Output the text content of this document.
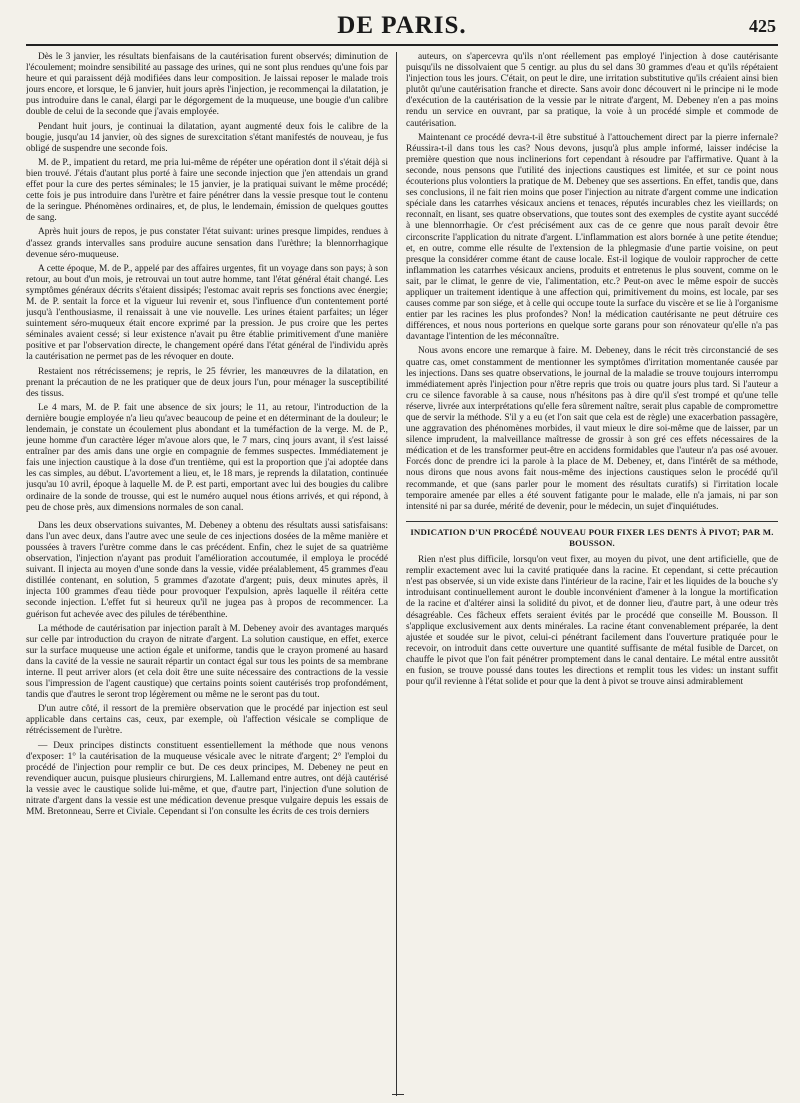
DE PARIS.	425

Dès le 3 janvier, les résultats bienfaisans de la cautérisation furent observés; diminution de l'écoulement; moindre sensibilité au passage des urines, qui ne sont plus rendues qu'une fois par heure et qui paraissent déjà modifiées dans leur composition. Je laissai reposer le malade trois jours encore, et lorsque, le 6 janvier, huit jours après l'injection, je recommençai la dilatation, je pus introduire dans le canal, élargi par le dégorgement de la muqueuse, une bougie d'un calibre double de celui de la seconde que j'avais employée.

Pendant huit jours, je continuai la dilatation, ayant augmenté deux fois le calibre de la bougie, jusqu'au 14 janvier, où des signes de surexcitation s'étant manifestés de nouveau, je fus obligé de suspendre une seconde fois.

M. de P., impatient du retard, me pria lui-même de répéter une opération dont il s'était déjà si bien trouvé. J'étais d'autant plus porté à faire une seconde injection que j'en attendais un grand effet pour la cure des pertes séminales; le 15 janvier, je la pratiquai suivant le même procédé; cette fois je pus introduire dans l'urètre et faire pénétrer dans la vessie presque tout le contenu de la seringue. Phénomènes ordinaires, et, de plus, le lendemain, émission de quelques gouttes de sang.

Après huit jours de repos, je pus constater l'état suivant: urines presque limpides, rendues à d'assez grands intervalles sans produire aucune sensation dans l'urèthre; la blennorrhagique devenue séro-muqueuse.

A cette époque, M. de P., appelé par des affaires urgentes, fit un voyage dans son pays; à son retour, au bout d'un mois, je retrouvai un tout autre homme, tant l'état général était changé. Les symptômes généraux décrits s'étaient dissipés; l'estomac avait repris ses fonctions avec énergie; M. de P. sentait la force et la vigueur lui revenir et, sous l'influence d'un contentement porté jusqu'à l'enthousiasme, il renaissait à une vie nouvelle. Les urines étaient parfaites; un léger suintement séro-muqueux était encore exprimé par la pression. Je pus croire que les pertes séminales avaient cessé; si leur existence n'avait pu être établie primitivement d'une manière positive et par l'observation directe, le changement opéré dans l'état général de l'individu après la cautérisation ne permet pas de les révoquer en doute.

Restaient nos rétrécissemens; je repris, le 25 février, les manœuvres de la dilatation, en prenant la précaution de ne les pratiquer que de deux jours l'un, pour ménager la susceptibilité des tissus.

Le 4 mars, M. de P. fait une absence de six jours; le 11, au retour, l'introduction de la dernière bougie employée n'a lieu qu'avec beaucoup de peine et en déterminant de la douleur; le lendemain, je constate un écoulement plus abondant et la tuméfaction de la verge. M. de P., jeune homme d'un caractère léger m'avoue alors que, le 7 mars, cinq jours avant, il s'est laissé entraîner par des amis dans une orgie en compagnie de femmes suspectes. Immédiatement je fais une injection caustique à la dose d'un trentième, qui est la proportion que j'ai adoptée dans les cas simples, au début. L'avortement a lieu, et, le 18 mars, je reprends la dilatation, continuée jusqu'au 10 avril, époque à laquelle M. de P. est parti, emportant avec lui des bougies du calibre ordinaire de la sonde de trousse, qui est le numéro auquel nous étions arrivés, et qui répond, à peu de chose près, aux dimensions normales de son canal.

Dans les deux observations suivantes, M. Debeney a obtenu des résultats aussi satisfaisans: dans l'un avec deux, dans l'autre avec une seule de ces injections dosées de la même manière et poussées à travers l'urètre comme dans le cas précédent. Enfin, chez le sujet de sa quatrième observation, l'injection n'ayant pas produit l'amélioration accoutumée, il employa le procédé suivant. Il injecta au moyen d'une sonde dans la vessie, vidée préalablement, 45 grammes d'eau distillée contenant, en solution, 5 grammes d'azotate d'argent; puis, deux minutes après, il injecta 100 grammes d'eau tiède pour provoquer l'expulsion, après laquelle il réitéra cette seconde injection. L'effet fut si heureux qu'il ne jugea pas à propos de recommencer. La guérison fut achevée avec des pilules de térébenthine.

La méthode de cautérisation par injection paraît à M. Debeney avoir des avantages marqués sur celle par introduction du crayon de nitrate d'argent. La solution caustique, en effet, exerce sur la surface muqueuse une action égale et uniforme, tandis que le crayon promené au hasard dans la cavité de la vessie ne saurait répartir un contact égal sur tous les points de sa membrane interne. Il peut arriver alors (et cela doit être une suite nécessaire des contractions de la vessie sous l'impression de l'agent caustique) que certains points soient cautérisés trop profondément, tandis que d'autres le seront trop légèrement ou même ne le seront pas du tout.

D'un autre côté, il ressort de la première observation que le procédé par injection est seul applicable dans certains cas, ceux, par exemple, où l'affection vésicale se complique de rétrécissement de l'urètre.

— Deux principes distincts constituent essentiellement la méthode que nous venons d'exposer: 1° la cautérisation de la muqueuse vésicale avec le nitrate d'argent; 2° l'emploi du procédé de l'injection pour remplir ce but. De ces deux principes, M. Debeney ne peut en revendiquer aucun, puisque plusieurs chirurgiens, M. Lallemand entre autres, ont déjà cautérisé la vessie avec le caustique solide lui-même, et que, d'autre part, l'injection d'une solution de nitrate d'argent dans la vessie est une médication devenue presque vulgaire depuis les essais de MM. Bretonneau, Serre et Civiale. Cependant si l'on consulte les écrits de ces trois derniers

auteurs, on s'apercevra qu'ils n'ont réellement pas employé l'injection à dose cautérisante puisqu'ils ne dissolvaient que 5 centigr. au plus du sel dans 30 grammes d'eau et qu'ils répétaient l'injection tous les jours. C'était, on peut le dire, une irritation substitutive qu'ils créaient ainsi bien plutôt qu'une cautérisation franche et directe. Sans avoir donc découvert ni le principe ni le mode d'exécution de la cautérisation de la vessie par le nitrate d'argent, M. Debeney n'en a pas moins rendu un service en ouvrant, par sa pratique, la voie à un procédé simple et commode de cautérisation.

Maintenant ce procédé devra-t-il être substitué à l'attouchement direct par la pierre infernale? Réussira-t-il dans tous les cas? Nous devons, jusqu'à plus ample informé, laisser indécise la première question que nous inclinerions fort cependant à résoudre par l'affirmative. Quant à la seconde, nous pensons que l'utilité des injections caustiques est limitée, et sur ce point nous écouterions plus volontiers la pratique de M. Debeney que ses assertions. En effet, tandis que, dans ses conclusions, il ne fait rien moins que poser l'injection au nitrate d'argent comme une indication spéciale dans les catarrhes vésicaux anciens et tenaces, réputés incurables chez les vieillards; on reconnaît, en lisant, ses quatre observations, que toutes sont des exemples de cystite ayant succédé à une blennorrhagie. Or c'est précisément aux cas de ce genre que nous paraît devoir être circonscrite l'application du nitrate d'argent. L'inflammation est alors bornée à une petite étendue; et, en outre, comme elle résulte de l'extension de la phlegmasie d'une partie voisine, on peut presque la considérer comme étant de cause locale. Est-il logique de vouloir rapprocher de cette inflammation les catarrhes vésicaux anciens, produits et entretenus le plus souvent, comme on le sait, par le climat, le genre de vie, l'alimentation, etc.? Peut-on avec le même espoir de succès appliquer un traitement identique à une affection qui, primitivement du moins, est locale, par ses causes comme par son siége, et à celle qui occupe toute la surface du viscère et se lie à l'organisme entier par les racines les plus profondes? Non! la médication cautérisante ne peut détruire ces différences, et nous nous porterions en quelque sorte garans pour son rénovateur qu'elle n'a pas davantage l'intention de les méconnaître.

Nous avons encore une remarque à faire. M. Debeney, dans le récit très circonstancié de ses quatre cas, omet constamment de mentionner les symptômes d'irritation momentanée causée par les injections. Dans ses quatre observations, le journal de la maladie se trouve toujours interrompu immédiatement après l'injection pour n'être repris que trois ou quatre jours plus tard. Si l'auteur a cru ce silence favorable à sa cause, nous n'hésitons pas à dire qu'il s'est trompé et qu'une telle réserve, livrée aux interprétations qu'elle fera sûrement naître, serait plus capable de compromettre que de servir la méthode. S'il y a eu (et l'on sait que cela est de règle) une exacerbation passagère, une aggravation des phénomènes morbides, il vaut mieux le dire soi-même que de laisser, par un silence imprudent, la malveillance maîtresse de grossir à son gré ces effets nécessaires de la médication et de les transformer peut-être en accidens formidables que l'auteur n'a pas osé avouer. Forcés donc de prendre ici la parole à la place de M. Debeney, et, dans l'intérêt de sa méthode, nous dirons que nous avons fait nous-même des injections caustiques selon le procédé qu'il recommande, et que (sans parler pour le moment des résultats curatifs) si l'irritation locale temporaire amenée par elles a été souvent fatigante pour le malade, elle n'a jamais, ni par son intensité ni par sa durée, mérité de devenir, pour le médecin, un sujet d'inquiétudes.

INDICATION D'UN PROCÉDÉ NOUVEAU POUR FIXER LES DENTS À PIVOT; PAR M. BOUSSON.

Rien n'est plus difficile, lorsqu'on veut fixer, au moyen du pivot, une dent artificielle, que de remplir exactement avec lui la cavité pratiquée dans la racine. Et cependant, si cette précaution n'est pas observée, si un vide existe dans l'intérieur de la racine, l'air et les liquides de la bouche s'y introduisant continuellement auront le double inconvénient d'amener à la longue la mortification de la racine et d'altérer ainsi la solidité du pivot, et de donner lieu, d'autre part, à une odeur très désagréable. Ces fâcheux effets seraient évités par le procédé que conseille M. Bousson. Il s'applique exclusivement aux dents minérales. La racine étant convenablement préparée, la dent ajustée et soudée sur le pivot, celui-ci pénétrant facilement dans l'ouverture pratiquée pour le recevoir, on introduit dans cette ouverture une quantité suffisante de métal fusible de Darcet, on chauffe le pivot que l'on fait pénétrer promptement dans le canal dentaire. Le métal entre aussitôt en fusion, se trouve poussé dans toutes les directions et remplit tous les vides: un instant suffit pour qu'il revienne à l'état solide et pour que la dent à pivot se trouve ainsi admirablement
